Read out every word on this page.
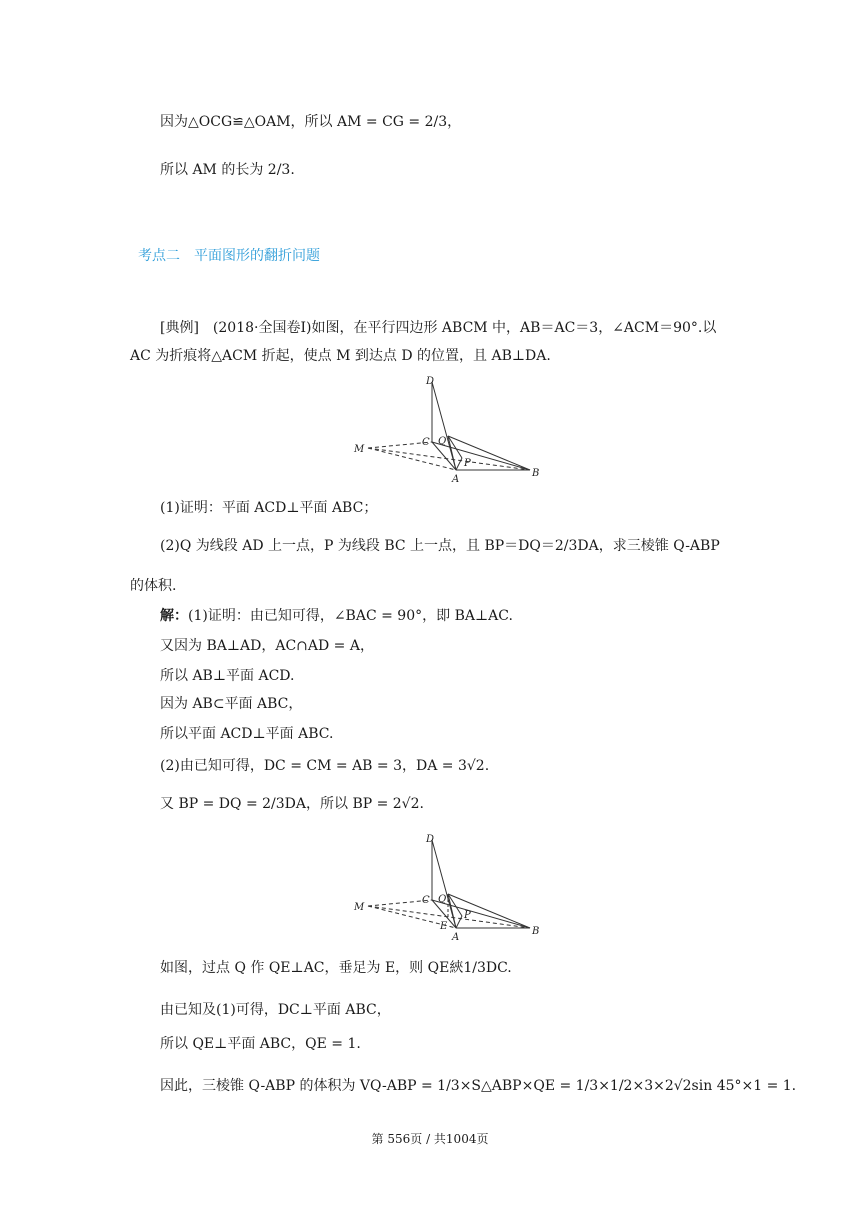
因为△OCG≌△OAM，所以 AM = CG = 2/3，
所以 AM 的长为 2/3.
考点二　平面图形的翻折问题
[典例]　(2018·全国卷Ⅰ)如图，在平行四边形 ABCM 中，AB＝AC＝3，∠ACM＝90°.以
AC 为折痕将△ACM 折起，使点 M 到达点 D 的位置，且 AB⊥DA.
D
C Q
P
M
A
B
(1)证明：平面 ACD⊥平面 ABC；
(2)Q 为线段 AD 上一点，P 为线段 BC 上一点，且 BP＝DQ＝2/3DA，求三棱锥 Q-ABP
的体积.
解：(1)证明：由已知可得，∠BAC = 90°，即 BA⊥AC.
又因为 BA⊥AD，AC∩AD = A，
所以 AB⊥平面 ACD.
因为 AB⊂平面 ABC，
所以平面 ACD⊥平面 ABC.
(2)由已知可得，DC = CM = AB = 3，DA = 3√2.
又 BP = DQ = 2/3DA，所以 BP = 2√2.
D
C Q
P
E
M
A
B
如图，过点 Q 作 QE⊥AC，垂足为 E，则 QE綊1/3DC.
由已知及(1)可得，DC⊥平面 ABC，
所以 QE⊥平面 ABC，QE = 1.
因此，三棱锥 Q-ABP 的体积为 VQ-ABP = 1/3×S△ABP×QE = 1/3×1/2×3×2√2sin 45°×1 = 1.
第 556页 / 共1004页
